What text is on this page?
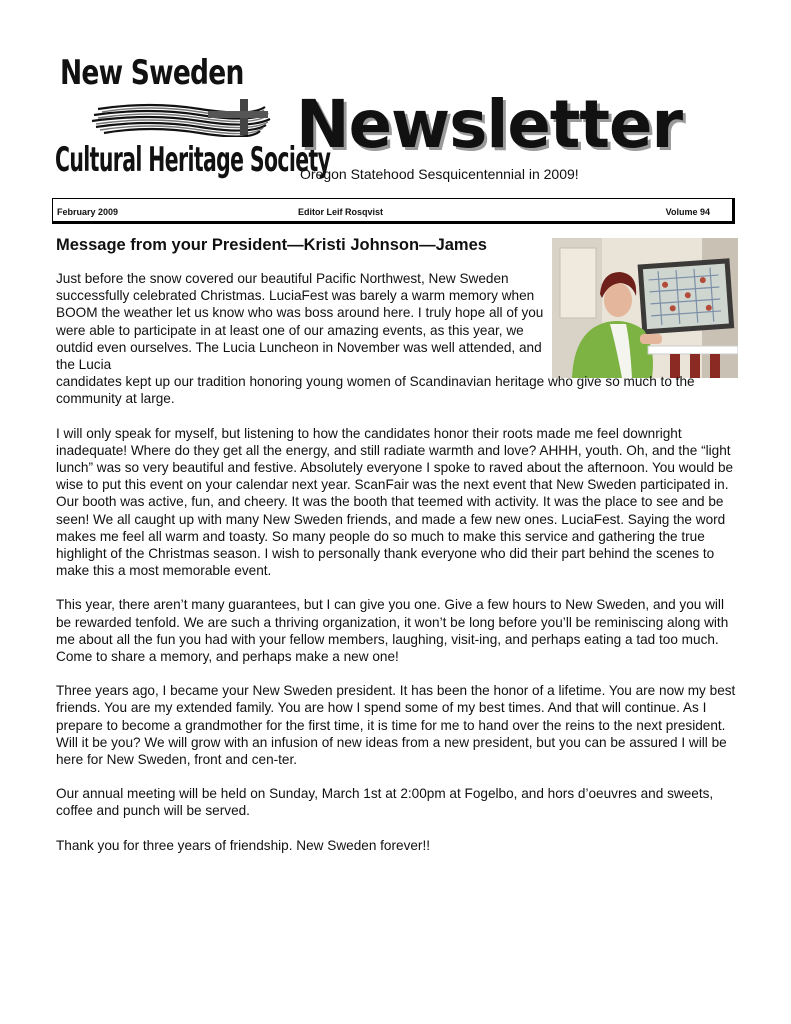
New Sweden
Cultural Heritage Society
Newsletter
Oregon Statehood Sesquicentennial in 2009!
February 2009	Editor Leif Rosqvist	Volume 94
Message from your President—Kristi Johnson—James

Just before the snow covered our beautiful Pacific Northwest, New Sweden successfully celebrated Christmas. LuciaFest was barely a warm memory when BOOM the weather let us know who was boss around here. I truly hope all of you were able to participate in at least one of our amazing events, as this year, we outdid even ourselves. The Lucia Luncheon in November was well attended, and the Lucia
candidates kept up our tradition honoring young women of Scandinavian heritage who give so much to the community at large.

I will only speak for myself, but listening to how the candidates honor their roots made me feel downright inadequate! Where do they get all the energy, and still radiate warmth and love? AHHH, youth. Oh, and the “light lunch” was so very beautiful and festive. Absolutely everyone I spoke to raved about the afternoon. You would be wise to put this event on your calendar next year. ScanFair was the next event that New Sweden participated in. Our booth was active, fun, and cheery. It was the booth that teemed with activity. It was the place to see and be seen! We all caught up with many New Sweden friends, and made a few new ones. LuciaFest. Saying the word makes me feel all warm and toasty. So many people do so much to make this service and gathering the true highlight of the Christmas season. I wish to personally thank everyone who did their part behind the scenes to make this a most memorable event.

This year, there aren’t many guarantees, but I can give you one. Give a few hours to New Sweden, and you will be rewarded tenfold. We are such a thriving organization, it won’t be long before you’ll be reminiscing along with me about all the fun you had with your fellow members, laughing, visit-ing, and perhaps eating a tad too much. Come to share a memory, and perhaps make a new one!

Three years ago, I became your New Sweden president. It has been the honor of a lifetime. You are now my best friends. You are my extended family. You are how I spend some of my best times. And that will continue. As I prepare to become a grandmother for the first time, it is time for me to hand over the reins to the next president. Will it be you? We will grow with an infusion of new ideas from a new president, but you can be assured I will be here for New Sweden, front and cen-ter.

Our annual meeting will be held on Sunday, March 1st at 2:00pm at Fogelbo, and hors d’oeuvres and sweets, coffee and punch will be served.

Thank you for three years of friendship. New Sweden forever!!
